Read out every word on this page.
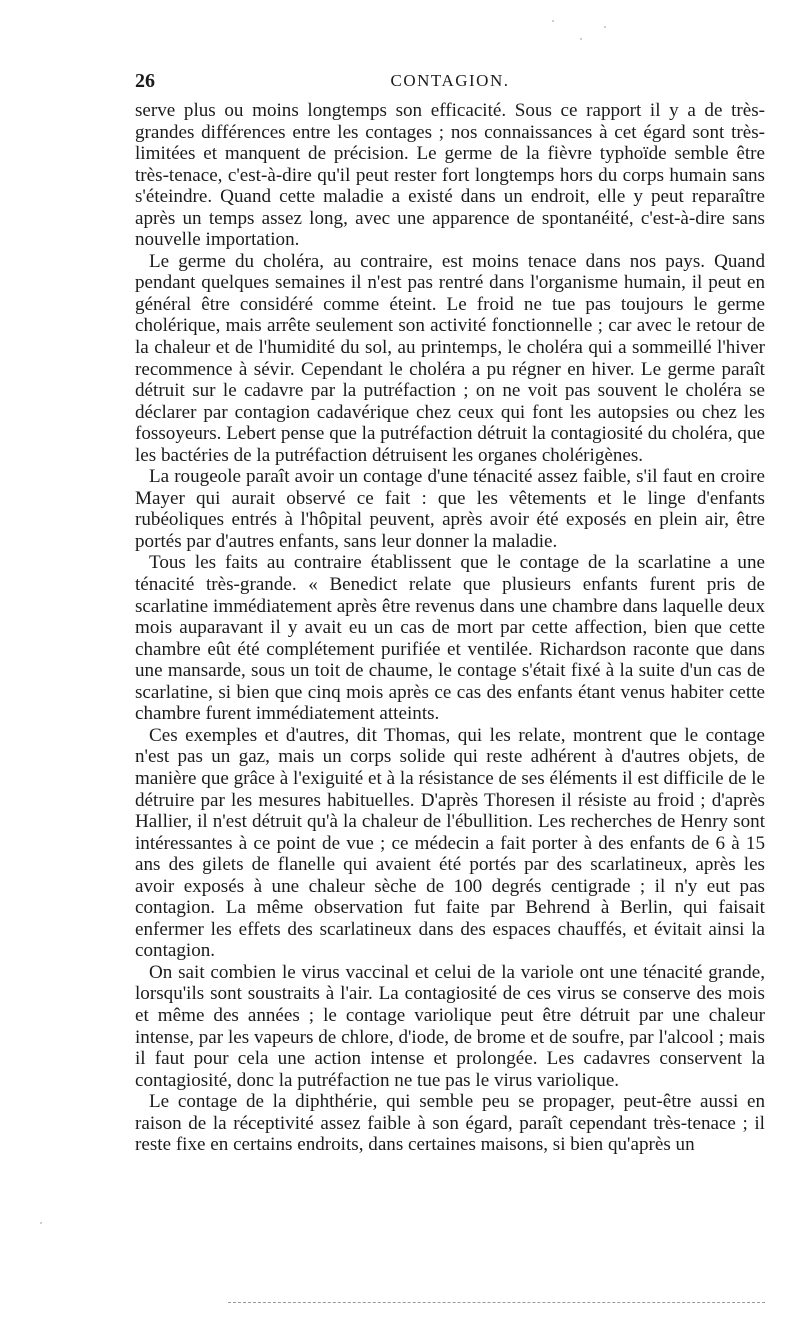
26	CONTAGION.

serve plus ou moins longtemps son efficacité. Sous ce rapport il y a de très-grandes différences entre les contages ; nos connaissances à cet égard sont très-limitées et manquent de précision. Le germe de la fièvre typhoïde semble être très-tenace, c'est-à-dire qu'il peut rester fort longtemps hors du corps humain sans s'éteindre. Quand cette maladie a existé dans un endroit, elle y peut reparaître après un temps assez long, avec une apparence de spontanéité, c'est-à-dire sans nouvelle importation.

Le germe du choléra, au contraire, est moins tenace dans nos pays. Quand pendant quelques semaines il n'est pas rentré dans l'organisme humain, il peut en général être considéré comme éteint. Le froid ne tue pas toujours le germe cholérique, mais arrête seulement son activité fonctionnelle ; car avec le retour de la chaleur et de l'humidité du sol, au printemps, le choléra qui a sommeillé l'hiver recommence à sévir. Cependant le choléra a pu régner en hiver. Le germe paraît détruit sur le cadavre par la putréfaction ; on ne voit pas souvent le choléra se déclarer par contagion cadavérique chez ceux qui font les autopsies ou chez les fossoyeurs. Lebert pense que la putréfaction détruit la contagiosité du choléra, que les bactéries de la putréfaction détruisent les organes cholérigènes.

La rougeole paraît avoir un contage d'une ténacité assez faible, s'il faut en croire Mayer qui aurait observé ce fait : que les vêtements et le linge d'enfants rubéoliques entrés à l'hôpital peuvent, après avoir été exposés en plein air, être portés par d'autres enfants, sans leur donner la maladie.

Tous les faits au contraire établissent que le contage de la scarlatine a une ténacité très-grande. « Benedict relate que plusieurs enfants furent pris de scarlatine immédiatement après être revenus dans une chambre dans laquelle deux mois auparavant il y avait eu un cas de mort par cette affection, bien que cette chambre eût été complétement purifiée et ventilée. Richardson raconte que dans une mansarde, sous un toit de chaume, le contage s'était fixé à la suite d'un cas de scarlatine, si bien que cinq mois après ce cas des enfants étant venus habiter cette chambre furent immédiatement atteints.

Ces exemples et d'autres, dit Thomas, qui les relate, montrent que le contage n'est pas un gaz, mais un corps solide qui reste adhérent à d'autres objets, de manière que grâce à l'exiguité et à la résistance de ses éléments il est difficile de le détruire par les mesures habituelles. D'après Thoresen il résiste au froid ; d'après Hallier, il n'est détruit qu'à la chaleur de l'ébullition. Les recherches de Henry sont intéressantes à ce point de vue ; ce médecin a fait porter à des enfants de 6 à 15 ans des gilets de flanelle qui avaient été portés par des scarlatineux, après les avoir exposés à une chaleur sèche de 100 degrés centigrade ; il n'y eut pas contagion. La même observation fut faite par Behrend à Berlin, qui faisait enfermer les effets des scarlatineux dans des espaces chauffés, et évitait ainsi la contagion.

On sait combien le virus vaccinal et celui de la variole ont une ténacité grande, lorsqu'ils sont soustraits à l'air. La contagiosité de ces virus se conserve des mois et même des années ; le contage variolique peut être détruit par une chaleur intense, par les vapeurs de chlore, d'iode, de brome et de soufre, par l'alcool ; mais il faut pour cela une action intense et prolongée. Les cadavres conservent la contagiosité, donc la putréfaction ne tue pas le virus variolique.

Le contage de la diphthérie, qui semble peu se propager, peut-être aussi en raison de la réceptivité assez faible à son égard, paraît cependant très-tenace ; il reste fixe en certains endroits, dans certaines maisons, si bien qu'après un
